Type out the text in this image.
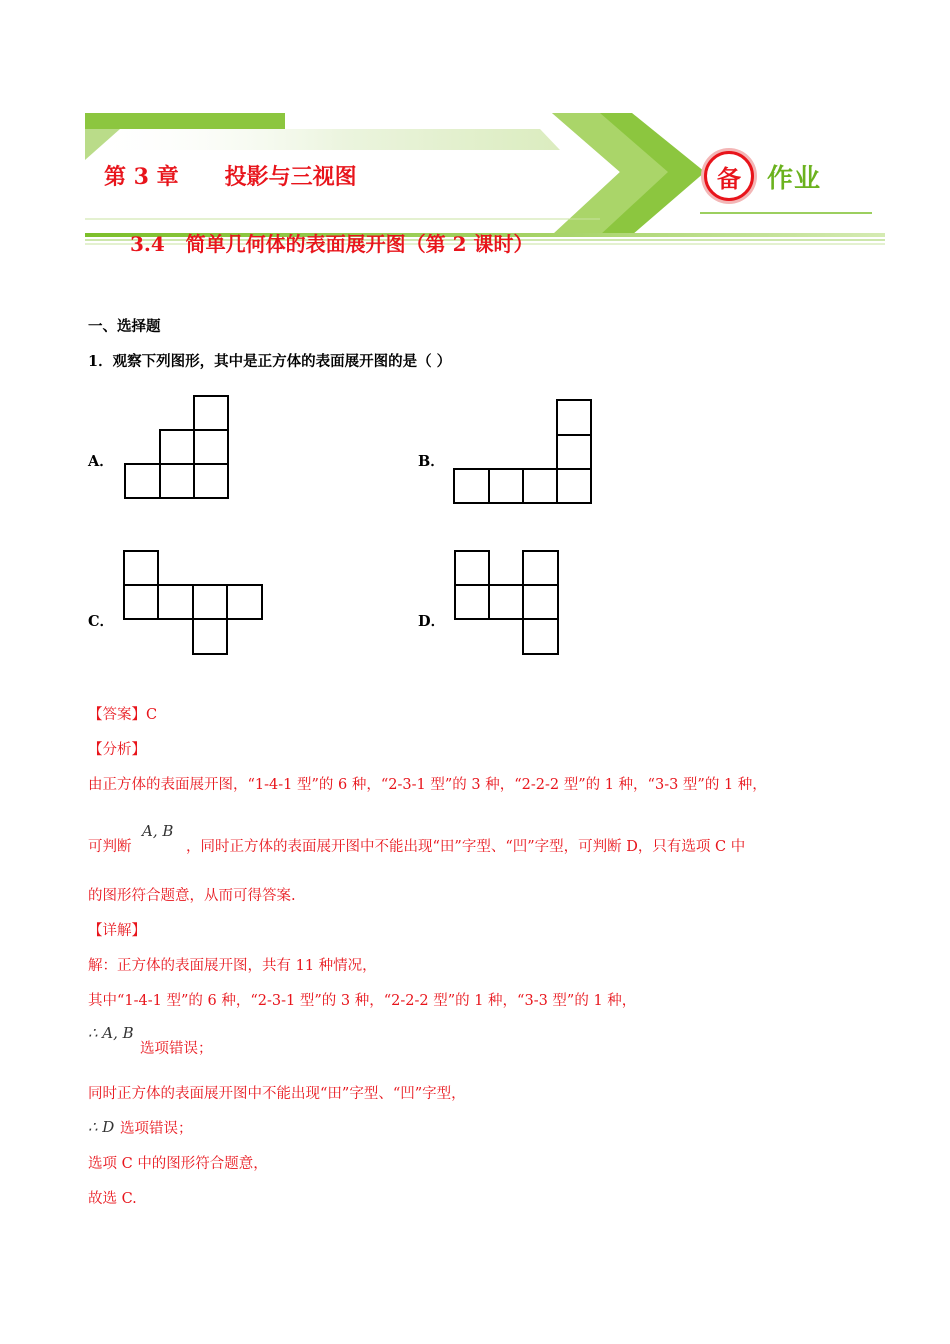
第 3 章      投影与三视图
3.4   简单几何体的表面展开图（第 2 课时）
备	作业
一、选择题
1．观察下列图形，其中是正方体的表面展开图的是（ ）
A．	B．
C．	D．
【答案】C
【分析】
由正方体的表面展开图，“1-4-1 型”的 6 种，“2-3-1 型”的 3 种，“2-2-2 型”的 1 种，“3-3 型”的 1 种，
可判断
A, B
，同时正方体的表面展开图中不能出现“田”字型、“凹”字型，可判断 D，只有选项 C 中
的图形符合题意，从而可得答案.
【详解】
解：正方体的表面展开图，共有 11 种情况，
其中“1-4-1 型”的 6 种，“2-3-1 型”的 3 种，“2-2-2 型”的 1 种，“3-3 型”的 1 种，
∴ A, B
选项错误；
同时正方体的表面展开图中不能出现“田”字型、“凹”字型，
∴ D 选项错误；
选项 C 中的图形符合题意，
故选 C.
